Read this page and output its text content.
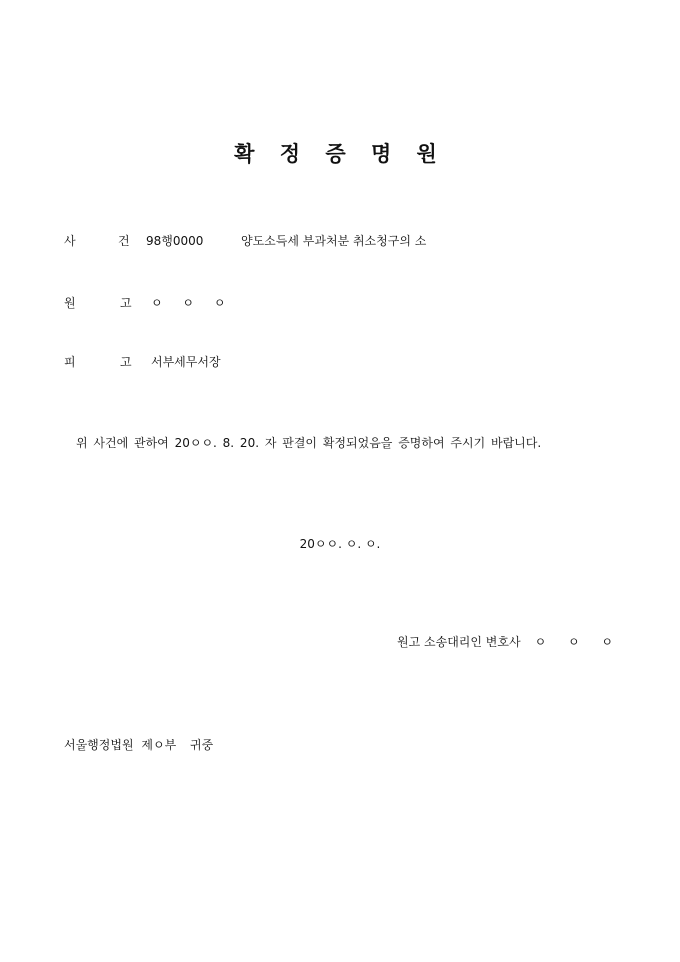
확 정 증 명 원
사	건 98행0000	양도소득세 부과처분 취소청구의 소
원	고 ㅇ ㅇ ㅇ
피	고 서부세무서장
위 사건에 관하여 20ㅇㅇ. 8. 20. 자 판결이 확정되었음을 증명하여 주시기 바랍니다.
20ㅇㅇ. ㅇ. ㅇ.
원고 소송대리인 변호사 ㅇ ㅇ ㅇ
서울행정법원 제ㅇ부 귀중
